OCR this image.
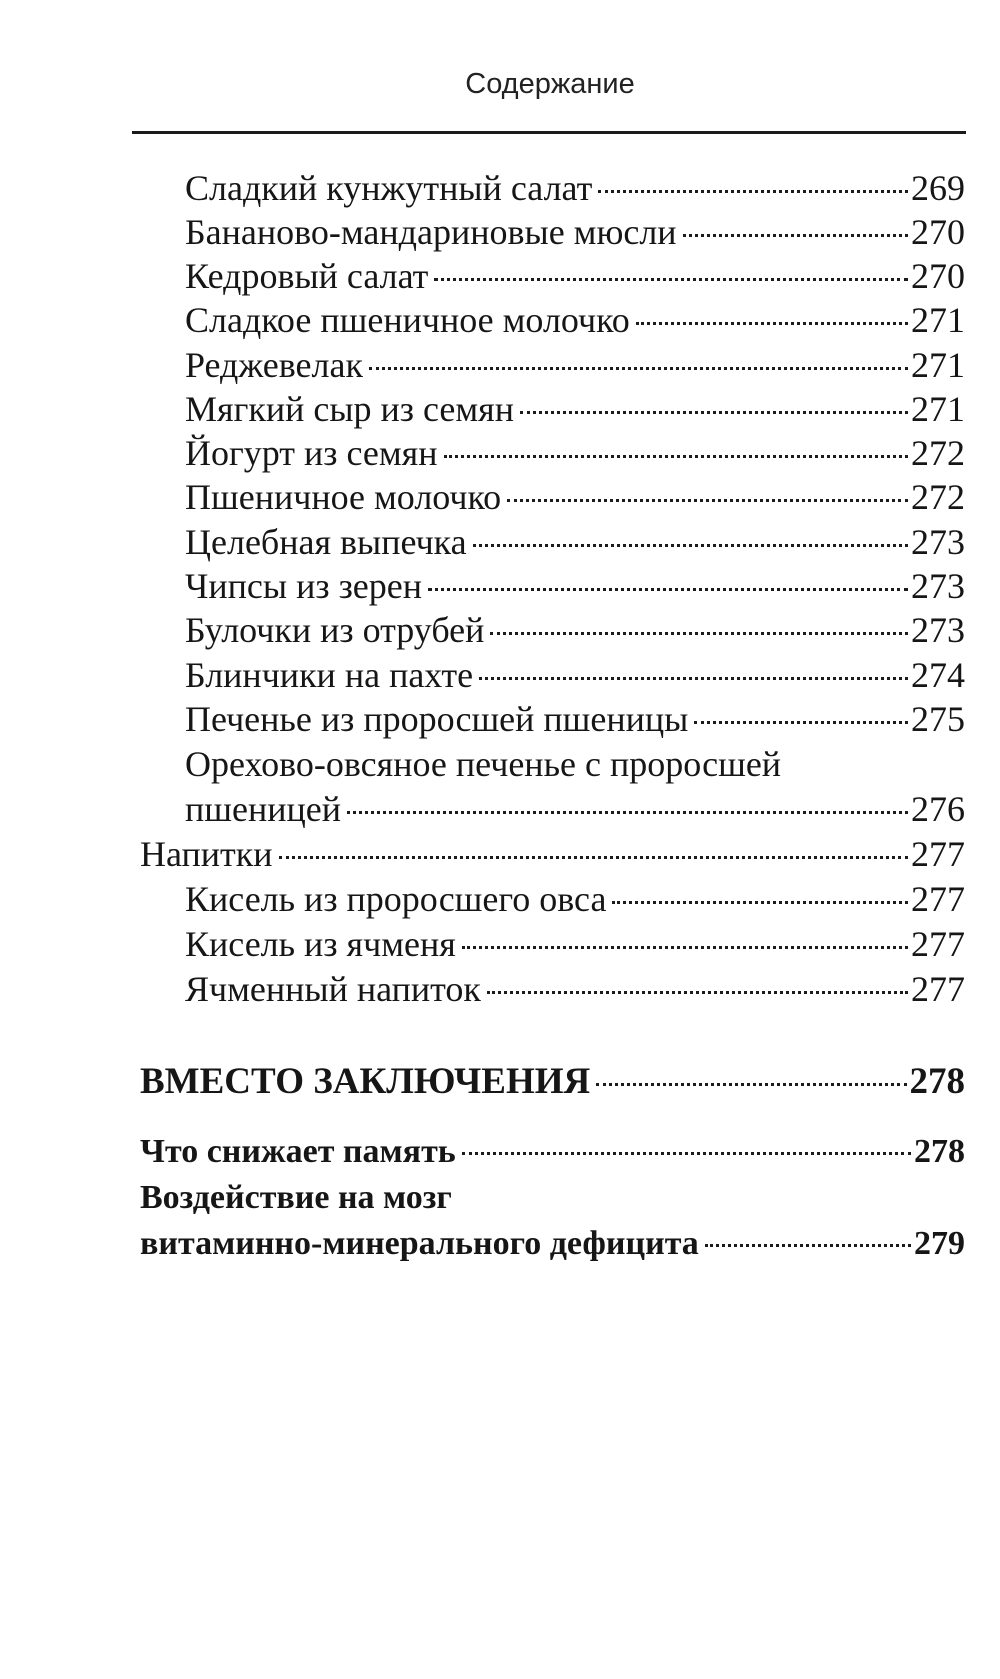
Содержание
Сладкий кунжутный салат	269
Бананово-мандариновые мюсли	270
Кедровый салат	270
Сладкое пшеничное молочко	271
Реджевелак	271
Мягкий сыр из семян	271
Йогурт из семян	272
Пшеничное молочко	272
Целебная выпечка	273
Чипсы из зерен	273
Булочки из отрубей	273
Блинчики на пахте	274
Печенье из проросшей пшеницы	275
Орехово-овсяное печенье с проросшей
пшеницей	276
Напитки	277
Кисель из проросшего овса	277
Кисель из ячменя	277
Ячменный напиток	277
ВМЕСТО ЗАКЛЮЧЕНИЯ	278
Что снижает память	278
Воздействие на мозг
витаминно-минерального дефицита	279
